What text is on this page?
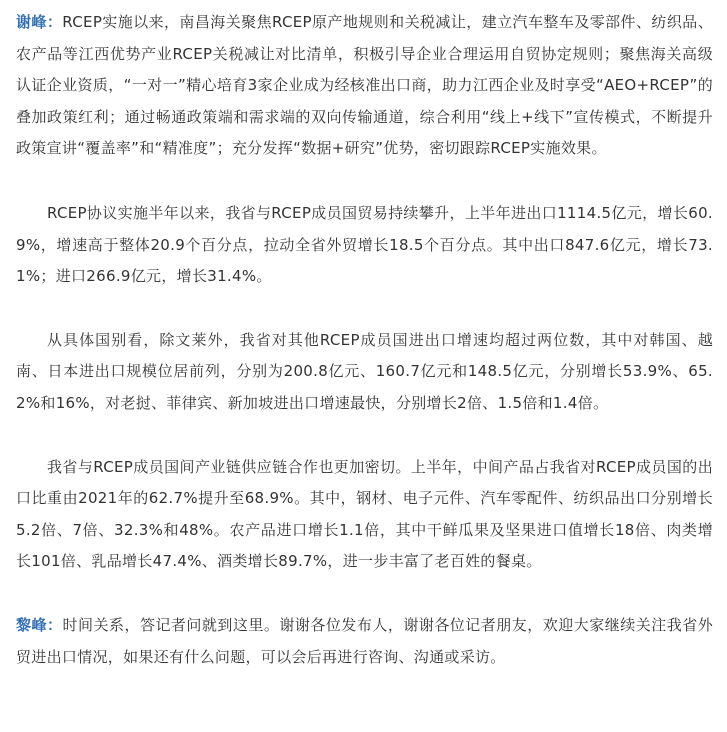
谢峰：RCEP实施以来，南昌海关聚焦RCEP原产地规则和关税减让，建立汽车整车及零部件、纺织品、农产品等江西优势产业RCEP关税减让对比清单，积极引导企业合理运用自贸协定规则；聚焦海关高级认证企业资质，“一对一”精心培育3家企业成为经核准出口商，助力江西企业及时享受“AEO+RCEP”的叠加政策红利；通过畅通政策端和需求端的双向传输通道，综合利用“线上+线下”宣传模式，不断提升政策宣讲“覆盖率”和“精准度”；充分发挥“数据+研究”优势，密切跟踪RCEP实施效果。

RCEP协议实施半年以来，我省与RCEP成员国贸易持续攀升，上半年进出口1114.5亿元，增长60.9%，增速高于整体20.9个百分点，拉动全省外贸增长18.5个百分点。其中出口847.6亿元，增长73.1%；进口266.9亿元，增长31.4%。

从具体国别看，除文莱外，我省对其他RCEP成员国进出口增速均超过两位数，其中对韩国、越南、日本进出口规模位居前列，分别为200.8亿元、160.7亿元和148.5亿元，分别增长53.9%、65.2%和16%，对老挝、菲律宾、新加坡进出口增速最快，分别增长2倍、1.5倍和1.4倍。

我省与RCEP成员国间产业链供应链合作也更加密切。上半年，中间产品占我省对RCEP成员国的出口比重由2021年的62.7%提升至68.9%。其中，钢材、电子元件、汽车零配件、纺织品出口分别增长5.2倍、7倍、32.3%和48%。农产品进口增长1.1倍，其中干鲜瓜果及坚果进口值增长18倍、肉类增长101倍、乳品增长47.4%、酒类增长89.7%，进一步丰富了老百姓的餐桌。

黎峰：时间关系，答记者问就到这里。谢谢各位发布人，谢谢各位记者朋友，欢迎大家继续关注我省外贸进出口情况，如果还有什么问题，可以会后再进行咨询、沟通或采访。
